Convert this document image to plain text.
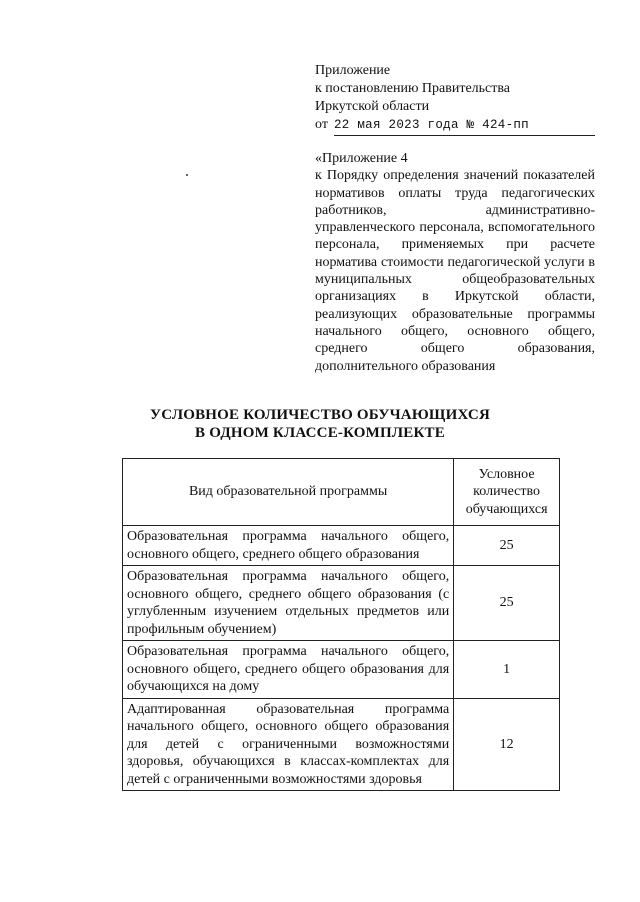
Приложение
к постановлению Правительства
Иркутской области
от 22 мая 2023 года № 424-пп

«Приложение 4

к Порядку определения значений показателей нормативов оплаты труда педагогических работников, административно-управленческого персонала, вспомогательного персонала, применяемых при расчете норматива стоимости педагогической услуги в муниципальных общеобразовательных организациях в Иркутской области, реализующих образовательные программы начального общего, основного общего, среднего общего образования, дополнительного образования

УСЛОВНОЕ КОЛИЧЕСТВО ОБУЧАЮЩИХСЯ
В ОДНОМ КЛАССЕ-КОМПЛЕКТЕ
Вид образовательной программы	Условное количество обучающихся
Образовательная программа начального общего, основного общего, среднего общего образования	25
Образовательная программа начального общего, основного общего, среднего общего образования (с углубленным изучением отдельных предметов или профильным обучением)	25
Образовательная программа начального общего, основного общего, среднего общего образования для обучающихся на дому	1
Адаптированная образовательная программа начального общего, основного общего образования для детей с ограниченными возможностями здоровья, обучающихся в классах-комплектах для детей с ограниченными возможностями здоровья	12
